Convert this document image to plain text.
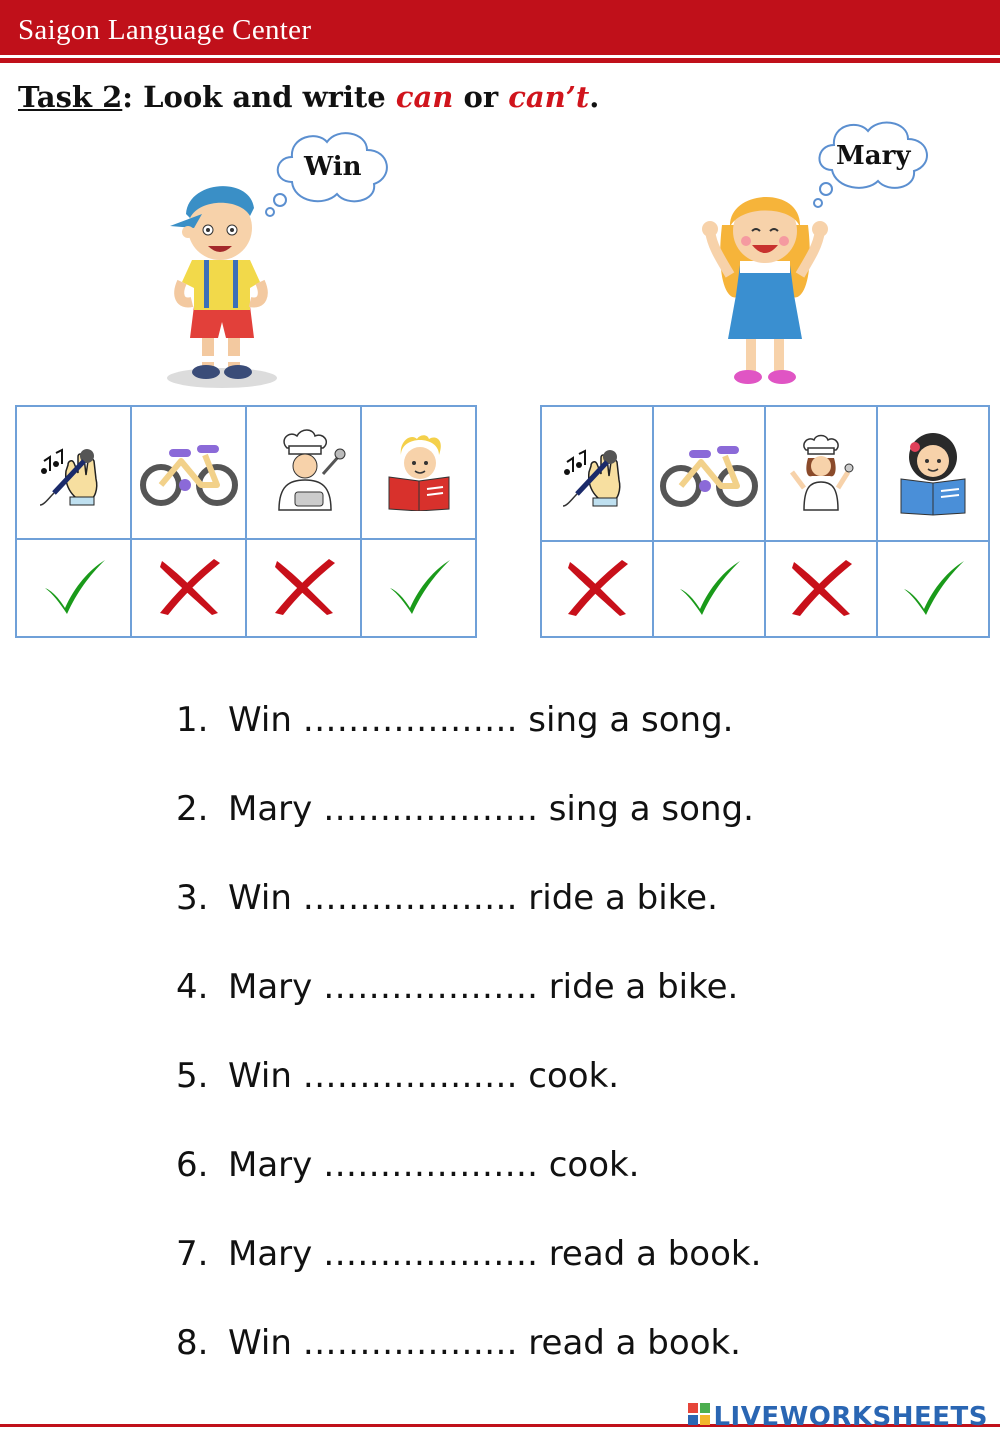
Saigon Language Center
Task 2: Look and write can or can’t.
Win	Mary

1. Win ………………. sing a song.
2. Mary ………………. sing a song.
3. Win ………………. ride a bike.
4. Mary ………………. ride a bike.
5. Win ………………. cook.
6. Mary ………………. cook.
7. Mary ………………. read a book.
8. Win ………………. read a book.
LIVEWORKSHEETS
